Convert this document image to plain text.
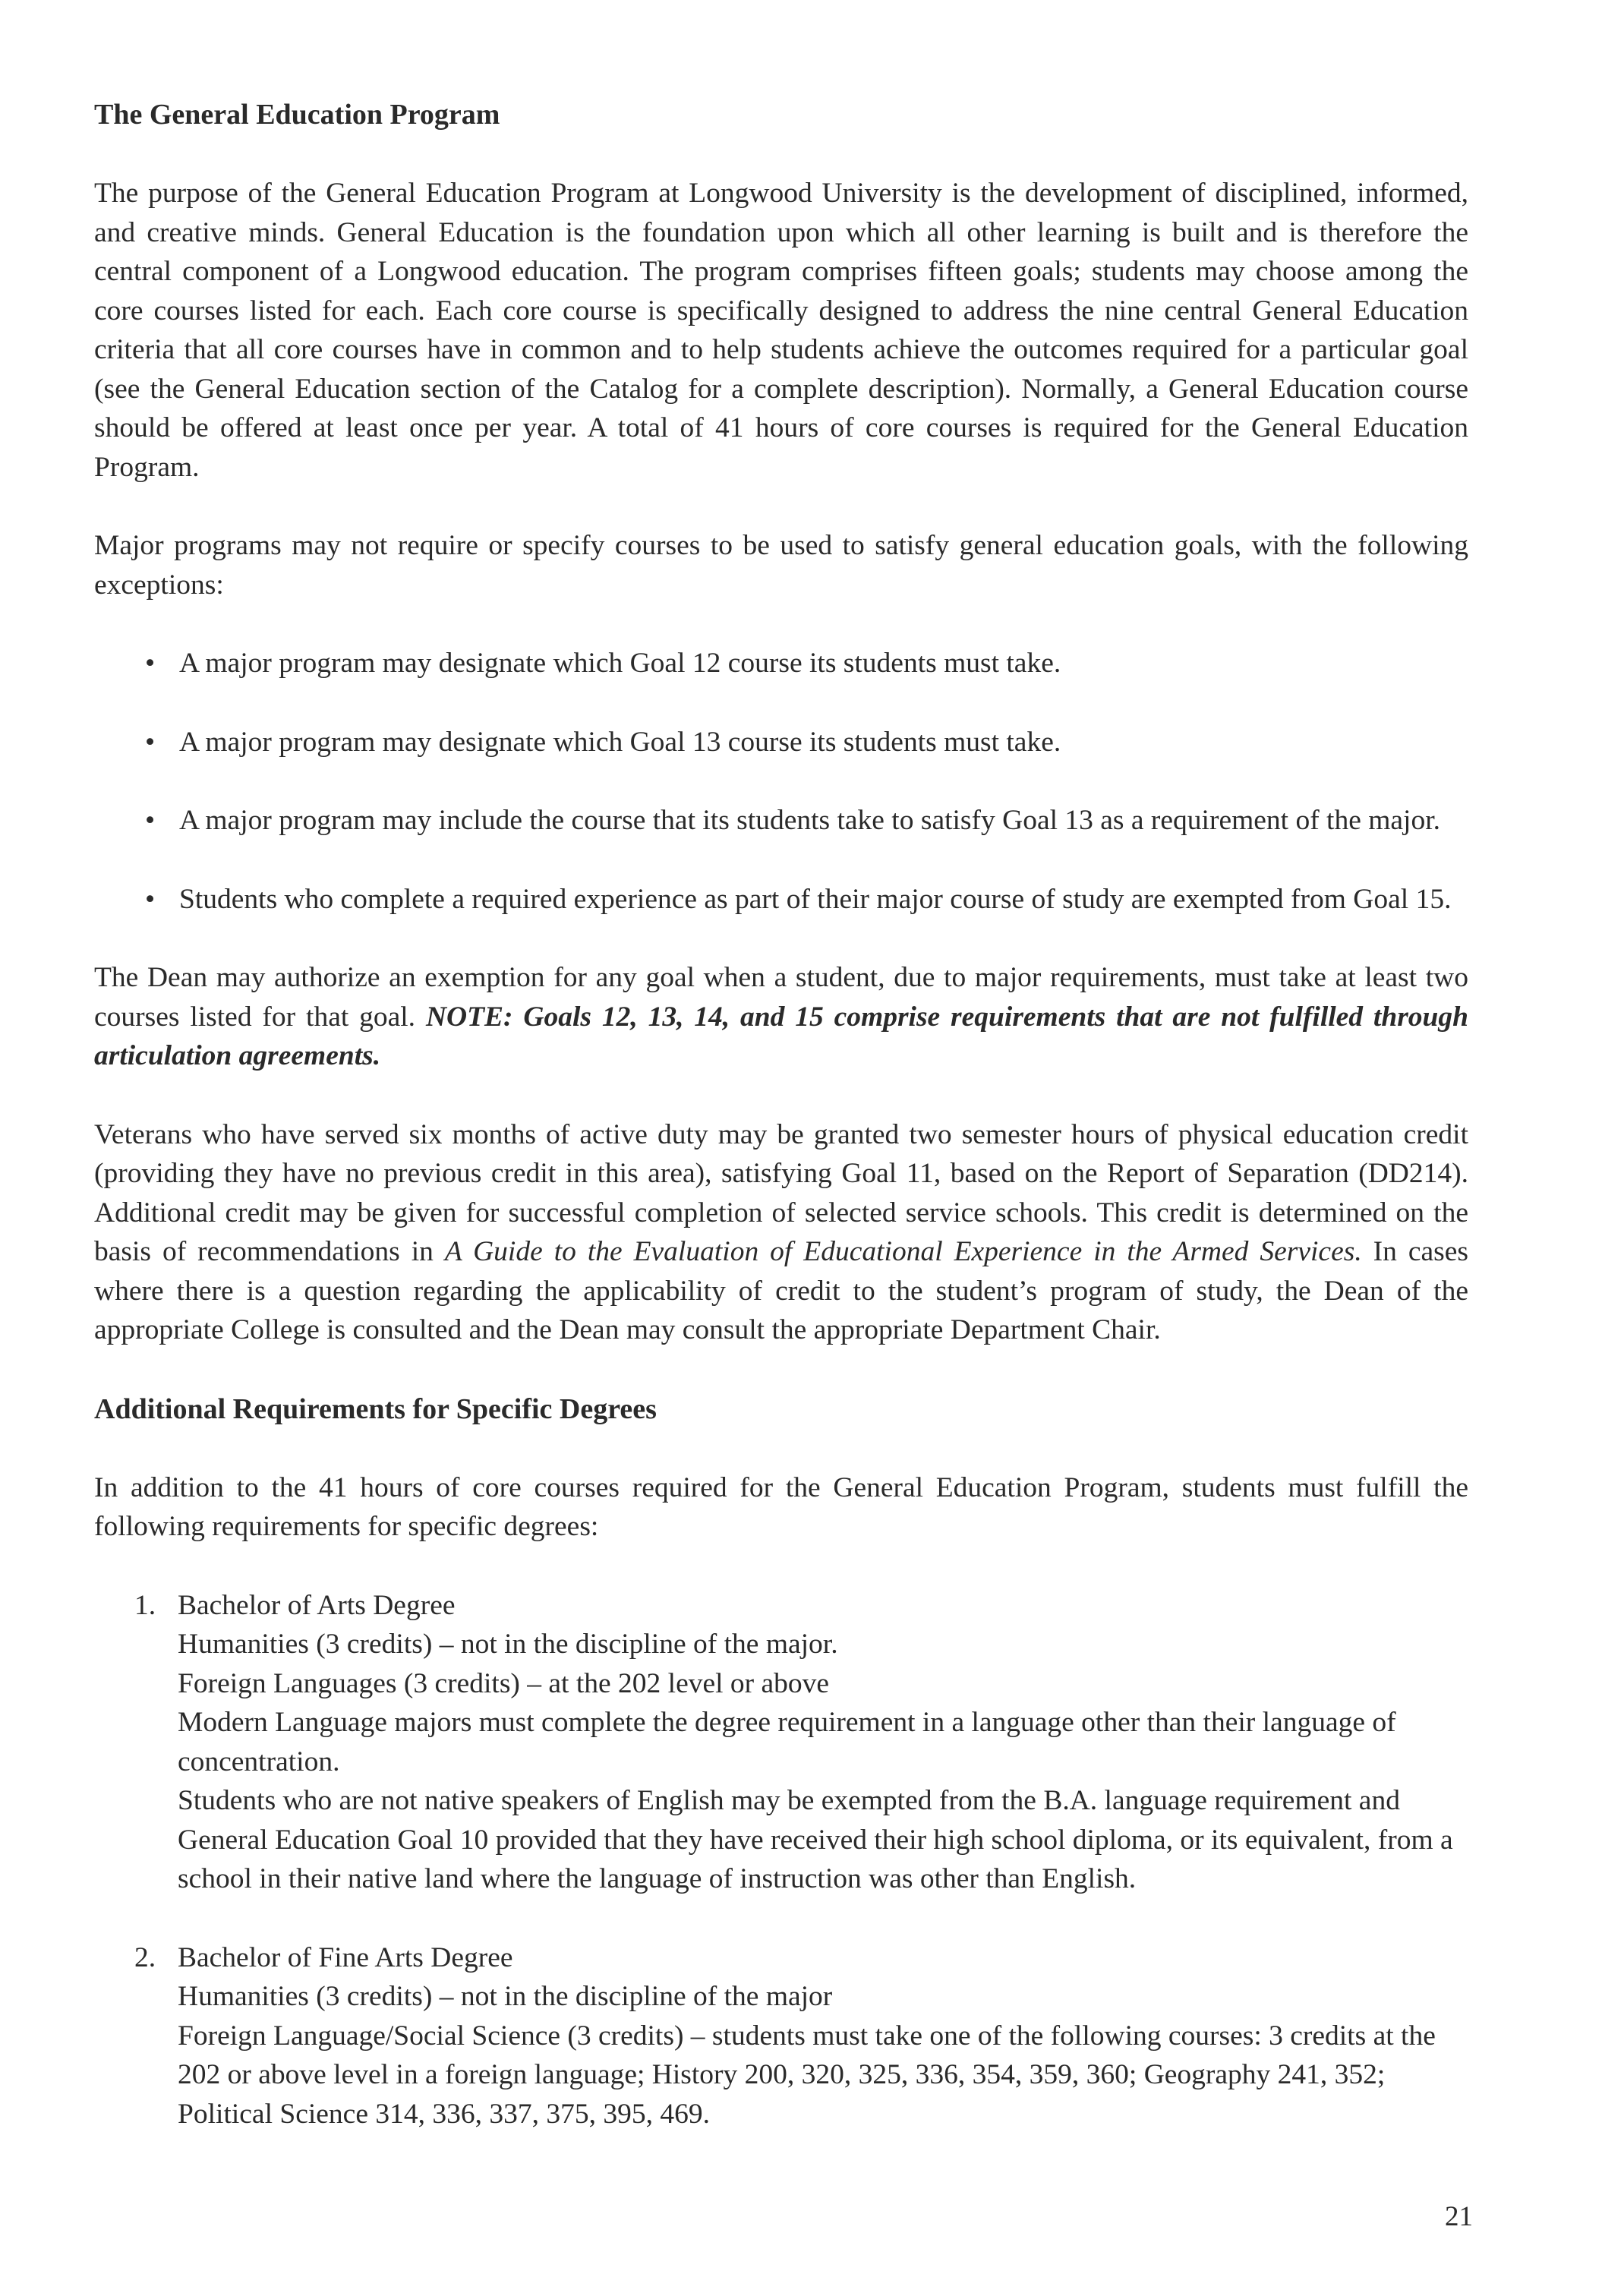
The General Education Program

The purpose of the General Education Program at Longwood University is the development of disciplined, informed, and creative minds. General Education is the foundation upon which all other learning is built and is therefore the central component of a Longwood education. The program comprises fifteen goals; students may choose among the core courses listed for each. Each core course is specifically designed to address the nine central General Education criteria that all core courses have in common and to help students achieve the outcomes required for a particular goal (see the General Education section of the Catalog for a complete description). Normally, a General Education course should be offered at least once per year. A total of 41 hours of core courses is required for the General Education Program.

Major programs may not require or specify courses to be used to satisfy general education goals, with the following exceptions:

• A major program may designate which Goal 12 course its students must take.
• A major program may designate which Goal 13 course its students must take.
• A major program may include the course that its students take to satisfy Goal 13 as a requirement of the major.
• Students who complete a required experience as part of their major course of study are exempted from Goal 15.

The Dean may authorize an exemption for any goal when a student, due to major requirements, must take at least two courses listed for that goal. NOTE: Goals 12, 13, 14, and 15 comprise requirements that are not fulfilled through articulation agreements.

Veterans who have served six months of active duty may be granted two semester hours of physical education credit (providing they have no previous credit in this area), satisfying Goal 11, based on the Report of Separation (DD214). Additional credit may be given for successful completion of selected service schools. This credit is determined on the basis of recommendations in A Guide to the Evaluation of Educational Experience in the Armed Services. In cases where there is a question regarding the applicability of credit to the student’s program of study, the Dean of the appropriate College is consulted and the Dean may consult the appropriate Department Chair.

Additional Requirements for Specific Degrees

In addition to the 41 hours of core courses required for the General Education Program, students must fulfill the following requirements for specific degrees:

1. Bachelor of Arts Degree
Humanities (3 credits) – not in the discipline of the major.
Foreign Languages (3 credits) – at the 202 level or above
Modern Language majors must complete the degree requirement in a language other than their language of concentration.
Students who are not native speakers of English may be exempted from the B.A. language requirement and General Education Goal 10 provided that they have received their high school diploma, or its equivalent, from a school in their native land where the language of instruction was other than English.
2. Bachelor of Fine Arts Degree
Humanities (3 credits) – not in the discipline of the major
Foreign Language/Social Science (3 credits) – students must take one of the following courses: 3 credits at the 202 or above level in a foreign language; History 200, 320, 325, 336, 354, 359, 360; Geography 241, 352; Political Science 314, 336, 337, 375, 395, 469.
21
